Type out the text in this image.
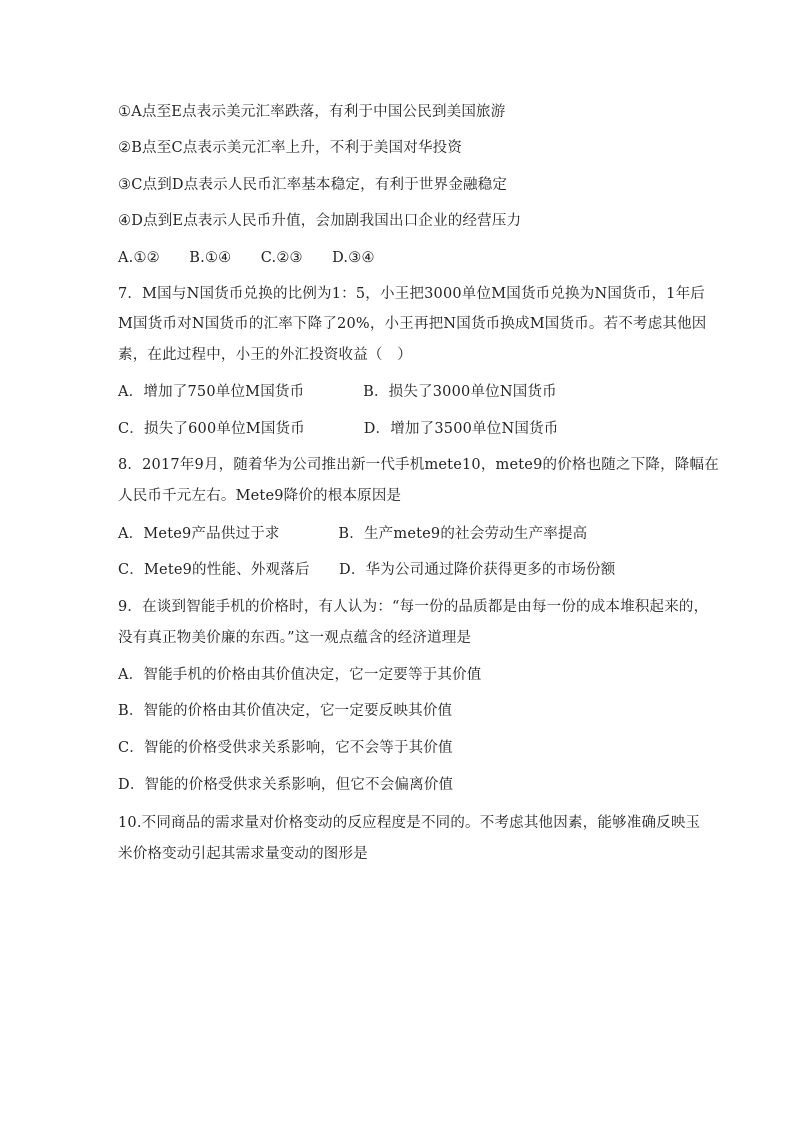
①A点至E点表示美元汇率跌落，有利于中国公民到美国旅游
②B点至C点表示美元汇率上升，不利于美国对华投资
③C点到D点表示人民币汇率基本稳定，有利于世界金融稳定
④D点到E点表示人民币升值，会加剧我国出口企业的经营压力
A.①②　　B.①④　　C.②③　　D.③④
7．M国与N国货币兑换的比例为1：5，小王把3000单位M国货币兑换为N国货币，1年后
M国货币对N国货币的汇率下降了20%，小王再把N国货币换成M国货币。若不考虑其他因
素，在此过程中，小王的外汇投资收益（　）
A．增加了750单位M国货币　　　　B．损失了3000单位N国货币
C．损失了600单位M国货币　　　　D．增加了3500单位N国货币
8．2017年9月，随着华为公司推出新一代手机mete10，mete9的价格也随之下降，降幅在
人民币千元左右。Mete9降价的根本原因是
A．Mete9产品供过于求　　　　B．生产mete9的社会劳动生产率提高
C．Mete9的性能、外观落后　　D．华为公司通过降价获得更多的市场份额
9．在谈到智能手机的价格时，有人认为：“每一份的品质都是由每一份的成本堆积起来的，
没有真正物美价廉的东西。”这一观点蕴含的经济道理是
A．智能手机的价格由其价值决定，它一定要等于其价值
B．智能的价格由其价值决定，它一定要反映其价值
C．智能的价格受供求关系影响，它不会等于其价值
D．智能的价格受供求关系影响，但它不会偏离价值
10.不同商品的需求量对价格变动的反应程度是不同的。不考虑其他因素，能够准确反映玉
米价格变动引起其需求量变动的图形是
